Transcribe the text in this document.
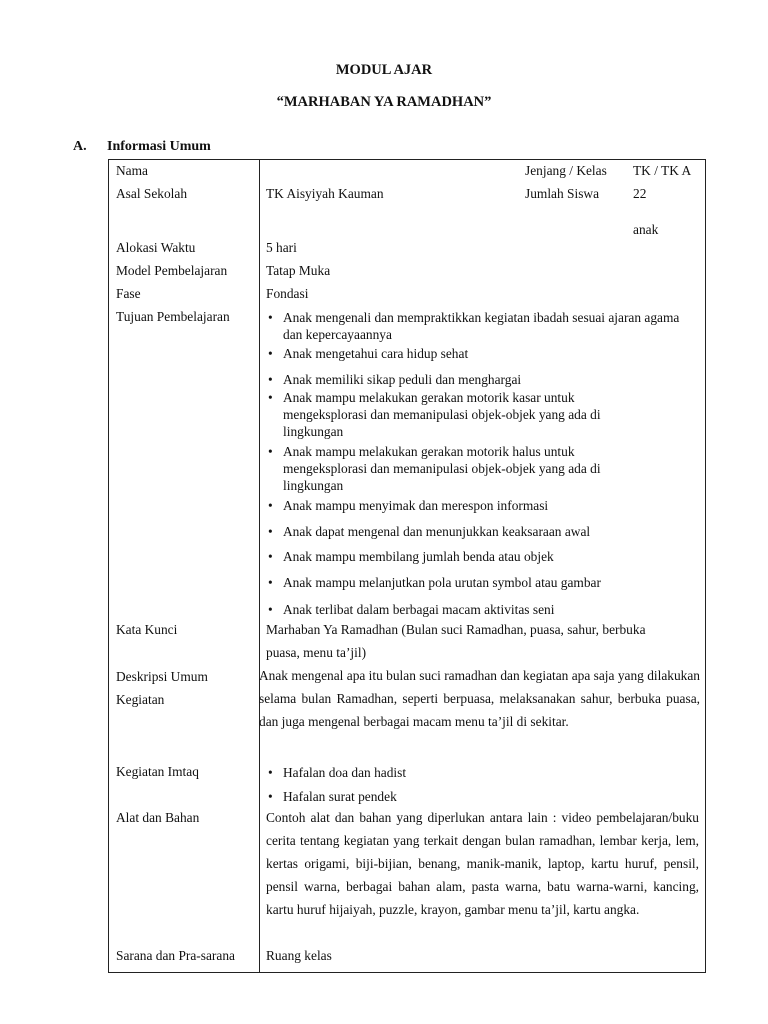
MODUL AJAR
“MARHABAN YA RAMADHAN”
A. Informasi Umum
Nama
Asal Sekolah
Alokasi Waktu
Model Pembelajaran
Fase
Tujuan Pembelajaran
Kata Kunci
Deskripsi Umum
Kegiatan
Kegiatan Imtaq
Alat dan Bahan
Sarana dan Pra-sarana
Jenjang / Kelas TK / TK A
TK Aisyiyah Kauman	Jumlah Siswa	22
anak
5 hari
Tatap Muka
Fondasi
• Anak mengenali dan mempraktikkan kegiatan ibadah sesuai ajaran agama dan kepercayaannya
• Anak mengetahui cara hidup sehat
• Anak memiliki sikap peduli dan menghargai
• Anak mampu melakukan gerakan motorik kasar untuk mengeksplorasi dan memanipulasi objek-objek yang ada di lingkungan
• Anak mampu melakukan gerakan motorik halus untuk mengeksplorasi dan memanipulasi objek-objek yang ada di lingkungan
• Anak mampu menyimak dan merespon informasi
• Anak dapat mengenal dan menunjukkan keaksaraan awal
• Anak mampu membilang jumlah benda atau objek
• Anak mampu melanjutkan pola urutan symbol atau gambar
• Anak terlibat dalam berbagai macam aktivitas seni
Marhaban Ya Ramadhan (Bulan suci Ramadhan, puasa, sahur, berbuka
puasa, menu ta’jil)
Anak mengenal apa itu bulan suci ramadhan dan kegiatan apa saja yang dilakukan selama bulan Ramadhan, seperti berpuasa, melaksanakan sahur, berbuka puasa, dan juga mengenal berbagai macam menu ta’jil di sekitar.
• Hafalan doa dan hadist
• Hafalan surat pendek
Contoh alat dan bahan yang diperlukan antara lain : video pembelajaran/buku cerita tentang kegiatan yang terkait dengan bulan ramadhan, lembar kerja, lem, kertas origami, biji-bijian, benang, manik-manik, laptop, kartu huruf, pensil, pensil warna, berbagai bahan alam, pasta warna, batu warna-warni, kancing, kartu huruf hijaiyah, puzzle, krayon, gambar menu ta’jil, kartu angka.
Ruang kelas
